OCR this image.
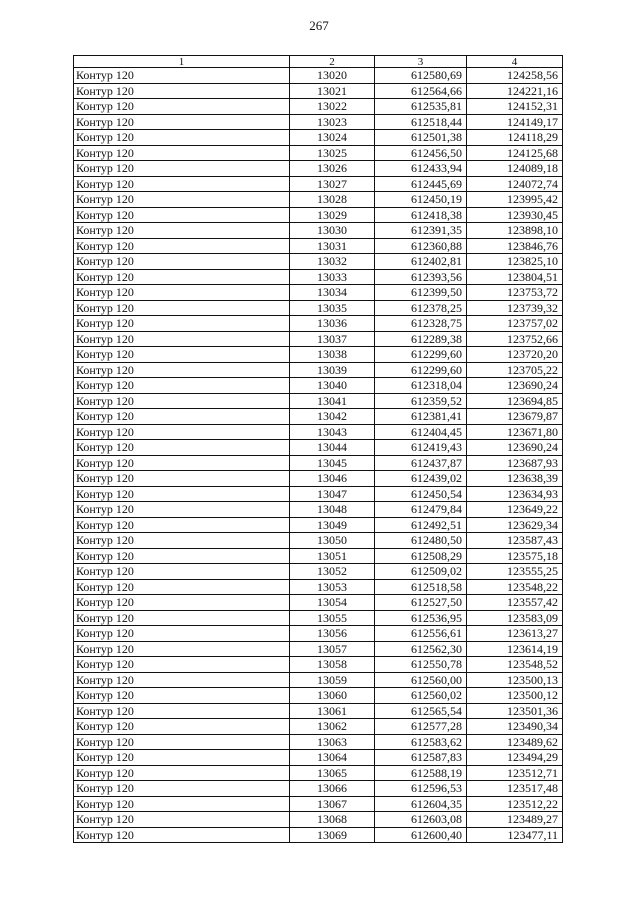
267
1	2	3	4
Контур 120	13020	612580,69	124258,56
Контур 120	13021	612564,66	124221,16
Контур 120	13022	612535,81	124152,31
Контур 120	13023	612518,44	124149,17
Контур 120	13024	612501,38	124118,29
Контур 120	13025	612456,50	124125,68
Контур 120	13026	612433,94	124089,18
Контур 120	13027	612445,69	124072,74
Контур 120	13028	612450,19	123995,42
Контур 120	13029	612418,38	123930,45
Контур 120	13030	612391,35	123898,10
Контур 120	13031	612360,88	123846,76
Контур 120	13032	612402,81	123825,10
Контур 120	13033	612393,56	123804,51
Контур 120	13034	612399,50	123753,72
Контур 120	13035	612378,25	123739,32
Контур 120	13036	612328,75	123757,02
Контур 120	13037	612289,38	123752,66
Контур 120	13038	612299,60	123720,20
Контур 120	13039	612299,60	123705,22
Контур 120	13040	612318,04	123690,24
Контур 120	13041	612359,52	123694,85
Контур 120	13042	612381,41	123679,87
Контур 120	13043	612404,45	123671,80
Контур 120	13044	612419,43	123690,24
Контур 120	13045	612437,87	123687,93
Контур 120	13046	612439,02	123638,39
Контур 120	13047	612450,54	123634,93
Контур 120	13048	612479,84	123649,22
Контур 120	13049	612492,51	123629,34
Контур 120	13050	612480,50	123587,43
Контур 120	13051	612508,29	123575,18
Контур 120	13052	612509,02	123555,25
Контур 120	13053	612518,58	123548,22
Контур 120	13054	612527,50	123557,42
Контур 120	13055	612536,95	123583,09
Контур 120	13056	612556,61	123613,27
Контур 120	13057	612562,30	123614,19
Контур 120	13058	612550,78	123548,52
Контур 120	13059	612560,00	123500,13
Контур 120	13060	612560,02	123500,12
Контур 120	13061	612565,54	123501,36
Контур 120	13062	612577,28	123490,34
Контур 120	13063	612583,62	123489,62
Контур 120	13064	612587,83	123494,29
Контур 120	13065	612588,19	123512,71
Контур 120	13066	612596,53	123517,48
Контур 120	13067	612604,35	123512,22
Контур 120	13068	612603,08	123489,27
Контур 120	13069	612600,40	123477,11
